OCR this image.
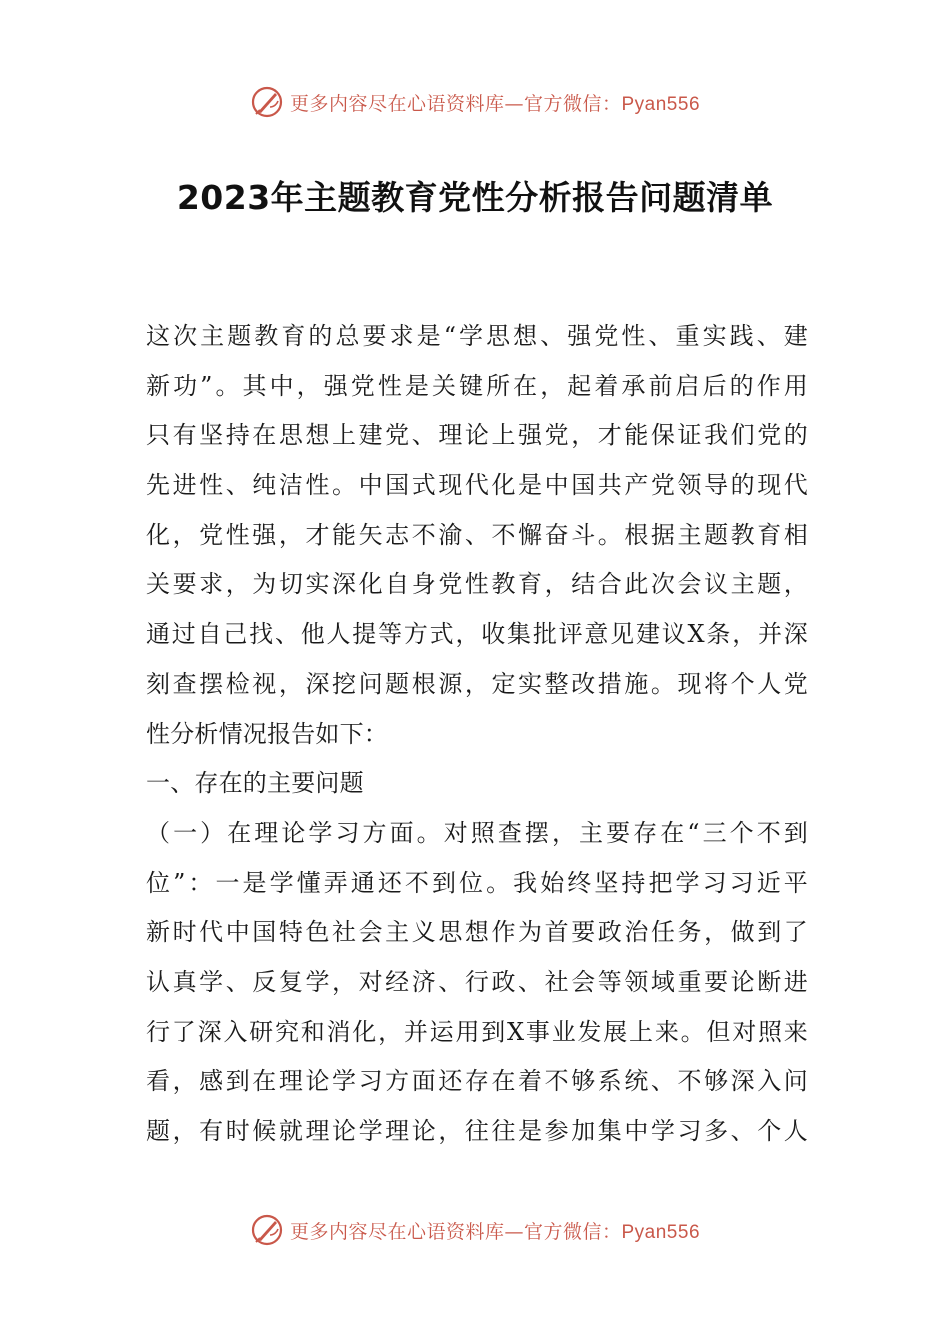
更多内容尽在心语资料库—官方微信：Pyan556
2023年主题教育党性分析报告问题清单
这次主题教育的总要求是“学思想、强党性、重实践、建
新功”。其中，强党性是关键所在，起着承前启后的作用
只有坚持在思想上建党、理论上强党，才能保证我们党的
先进性、纯洁性。中国式现代化是中国共产党领导的现代
化，党性强，才能矢志不渝、不懈奋斗。根据主题教育相
关要求，为切实深化自身党性教育，结合此次会议主题，
通过自己找、他人提等方式，收集批评意见建议X条，并深
刻查摆检视，深挖问题根源，定实整改措施。现将个人党
性分析情况报告如下：
一、存在的主要问题
（一）在理论学习方面。对照查摆，主要存在“三个不到
位”：一是学懂弄通还不到位。我始终坚持把学习习近平
新时代中国特色社会主义思想作为首要政治任务，做到了
认真学、反复学，对经济、行政、社会等领域重要论断进
行了深入研究和消化，并运用到X事业发展上来。但对照来
看，感到在理论学习方面还存在着不够系统、不够深入问
题，有时候就理论学理论，往往是参加集中学习多、个人
更多内容尽在心语资料库—官方微信：Pyan556
